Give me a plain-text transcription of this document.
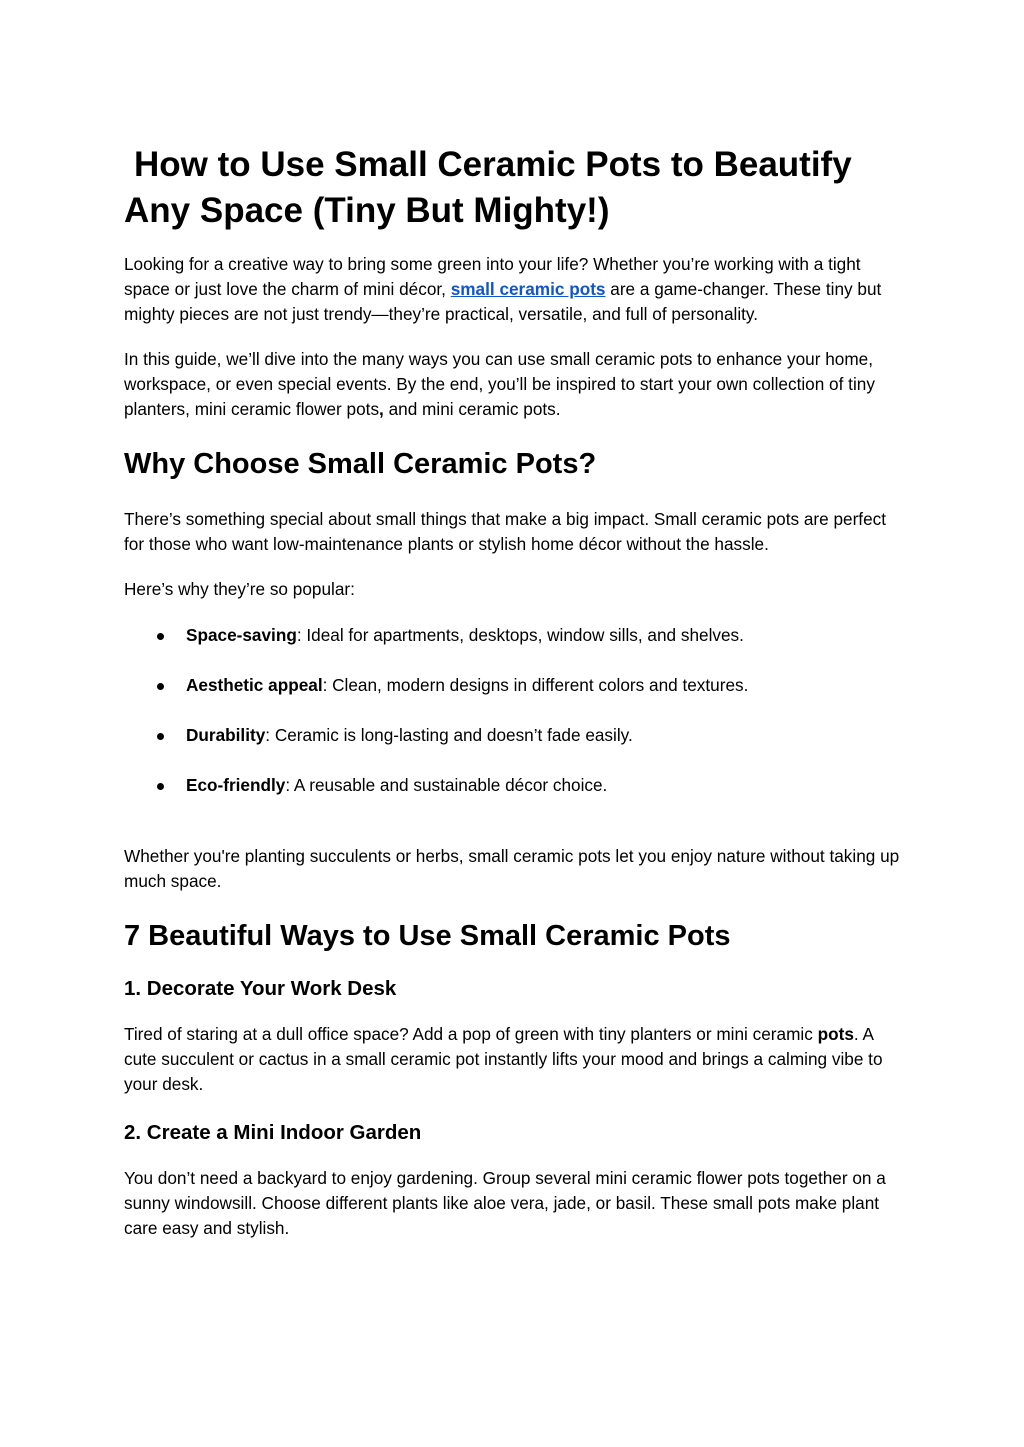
How to Use Small Ceramic Pots to Beautify Any Space (Tiny But Mighty!)

Looking for a creative way to bring some green into your life? Whether you’re working with a tight space or just love the charm of mini décor, small ceramic pots are a game-changer. These tiny but mighty pieces are not just trendy—they’re practical, versatile, and full of personality.

In this guide, we’ll dive into the many ways you can use small ceramic pots to enhance your home, workspace, or even special events. By the end, you’ll be inspired to start your own collection of tiny planters, mini ceramic flower pots, and mini ceramic pots.

Why Choose Small Ceramic Pots?

There’s something special about small things that make a big impact. Small ceramic pots are perfect for those who want low-maintenance plants or stylish home décor without the hassle.

Here’s why they’re so popular:

Space-saving: Ideal for apartments, desktops, window sills, and shelves.
Aesthetic appeal: Clean, modern designs in different colors and textures.
Durability: Ceramic is long-lasting and doesn’t fade easily.
Eco-friendly: A reusable and sustainable décor choice.

Whether you're planting succulents or herbs, small ceramic pots let you enjoy nature without taking up much space.

7 Beautiful Ways to Use Small Ceramic Pots
1. Decorate Your Work Desk

Tired of staring at a dull office space? Add a pop of green with tiny planters or mini ceramic pots. A cute succulent or cactus in a small ceramic pot instantly lifts your mood and brings a calming vibe to your desk.

2. Create a Mini Indoor Garden

You don’t need a backyard to enjoy gardening. Group several mini ceramic flower pots together on a sunny windowsill. Choose different plants like aloe vera, jade, or basil. These small pots make plant care easy and stylish.
